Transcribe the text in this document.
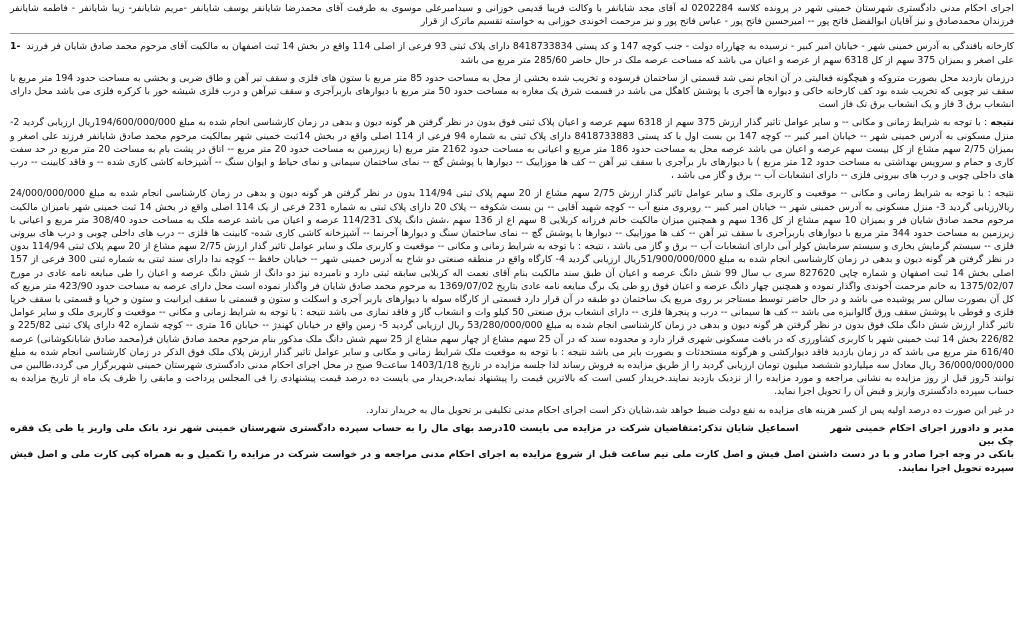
اجرای احکام مدنی دادگستری شهرستان خمینی شهر در پرونده کلاسه 0202284 له آقای مجد شایانفر با وکالت فریبا قدیمی خوزانی و سیدامیرعلی موسوی به طرفیت آقای محمدرضا شایانفر یوسف شایانفر -مریم شایانفر- زیبا شایانفر - فاطمه شایانفر فرزندان محمدصادق و نیز آقایان ابوالفضل فاتح پور -- امیرحسین فاتح پور - عباس فاتح پور و نیز مرحمت اخوندی خوزانی به خواسته تقسیم ماترک از قرار
-1 کارخانه بافندگی به آدرس خمینی شهر - خیابان امیر کبیر - نرسیده به چهارراه دولت - جنب کوچه 147 و کد پستی 8418733834 دارای پلاک ثبتی 93 فرعی از اصلی 114 واقع در بخش 14 ثبت اصفهان به مالکیت آقای مرحوم محمد صادق شایان فر فرزند علی اصغر و بمیزان 375 سهم از کل 6318 سهم از عرصه و اعیان می باشد که مساحت عرصه ملک در حال حاضر 285/60 متر مربع می باشد
درزمان بازدید محل بصورت متروکه و هیچگونه فعالیتی در آن انجام نمی شد قسمتی از ساختمان فرسوده و تخریب شده بخشی از محل به مساحت حدود 85 متر مربع با ستون های فلزی و سقف تیر آهن و طاق ضربی و بخشی به مساحت حدود 194 متر مربع با سقف تیر چوبی که تخریب شده بود کف کارخانه خاکی و دیواره ها آجری با پوشش کاهگل می باشد در قسمت شرق یک مغازه به مساحت حدود 50 متر مربع با دیوارهای باربرآجری و سقف تیرآهن و درب فلزی شیشه خور با کرکره فلزی می باشد محل دارای انشعاب برق 3 فاز و یک انشعاب برق تک فاز است
نتیجه : با توجه به شرایط زمانی و مکانی -- و سایر عوامل تاثیر گذار ارزش 375 سهم از 6318 سهم عرصه و اعیان پلاک ثبتی فوق بدون در نظر گرفتن هر گونه دیون و بدهی در زمان کارشناسی انجام شده به مبلغ 194/600/000/000ریال ارزیابی گردید 2- منزل مسکونی به آدرس خمینی شهر -- خیابان امیر کبیر -- کوچه 147 بن بست اول با کد پستی 8418733883 دارای پلاک ثبتی به شماره 94 فرعی از 114 اصلی واقع در بخش 14ثبت خمینی شهر بمالکیت مرحوم محمد صادق شایانفر فرزند علی اصغر و بمیزان 2/75 سهم مشاع از کل بیست سهم عرصه و اعیان می باشد عرصه محل به مساحت حدود 186 متر مربع و اعیانی به مساحت حدود 2162 متر مربع (با زیرزمین به مساحت حدود 20 متر مربع -- اتاق در پشت بام به مساحت 20 متر مربع در حد سفت کاری و حمام و سرویس بهداشتی به مساحت حدود 12 متر مربع ) با دیوارهای بار برآجری با سقف تیر آهن -- کف ها موزاییک -- دیوارها با پوشش گچ -- نمای ساختمان سیمانی و نمای حیاط و ایوان سنگ -- آشپزخانه کاشی کاری شده -- و فاقد کابینت -- درب های داخلی چوبی و درب های بیرونی فلزی -- دارای انشعابات آب -- برق و گاز می باشد ،
نتیجه : با توجه به شرایط زمانی و مکانی -- موقعیت و کاربری ملک و سایر عوامل تاثیر گذار ارزش 2/75 سهم مشاع از 20 سهم پلاک ثبتی 114/94 بدون در نظر گرفتن هر گونه دیون و بدهی در زمان کارشناسی انجام شده به مبلغ 24/000/000/000 ریالارزیابی گردید 3- منزل مسکونی به آدرس خمینی شهر -- خیابان امیر کبیر -- روبروی منبع آب -- کوچه شهید آقایی -- بن بست شکوفه -- پلاک 20 دارای پلاک ثبتی به شماره 231 فرعی از یک 114 اصلی واقع در بخش 14 ثبت خمینی شهر بامیزان مالکیت مرحوم محمد صادق شایان فر و بمیزان 10 سهم مشاع از کل 136 سهم و همچنین میزان مالکیت خانم فرزانه کربلایی 8 سهم اع از 136 سهم ،شش دانگ پلاک 114/231 عرصه و اعیان می باشد عرصه ملک به مساحت حدود 308/40 متر مربع و اعیانی با زیرزمین به مساحت حدود 344 متر مربع با دیوارهای باربرآجری با سقف تیر آهن -- کف ها موزاییک -- دیوارها با پوشش گچ -- نمای ساختمان سنگ و دیوارها آجرنما -- آشپزخانه کاشی کاری شده- کابینت ها فلزی -- درب های داخلی چوبی و درب های بیرونی فلزی -- سیستم گرمایش بخاری و سیستم سرمایش کولر آبی دارای انشعابات آب -- برق و گاز می باشد ، نتیجه : با توجه به شرایط زمانی و مکانی -- موقعیت و کاربری ملک و سایر عوامل تاثیر گذار ارزش 2/75 سهم مشاع از 20 سهم پلاک ثبتی 114/94 بدون در نظر گرفتن هر گونه دیون و بدهی در زمان کارشناسی انجام شده به مبلغ 51/900/000/000ریال ارزیابی گردید 4- کارگاه واقع در منطقه صنعتی دو شاخ به آدرس خمینی شهر -- خیابان حافظ -- کوچه ندا دارای سند ثبتی به شماره ثبتی 300 فرعی از 157 اصلی بخش 14 ثبت اصفهان و شماره چاپی 827620 سری ب سال 99 شش دانگ عرصه و اعیان آن طبق سند مالکیت بنام آقای نعمت اله کربلایی سابقه ثبتی دارد و نامبرده نیز دو دانگ از شش دانگ عرصه و اعیان را طی مبایعه نامه عادی در مورخ 1375/02/07 به خانم مرحمت آخوندی واگذار نموده و همچنین چهار دانگ عرصه و اعیان فوق رو طی یک برگ مبایعه نامه عادی بتاریخ 1369/07/02 به مرحوم محمد صادق شایان فر واگذار نموده است محل دارای عرصه به مساحت حدود 423/90 متر مربع که کل آن بصورت سالن سر پوشیده می باشد و در حال حاضر توسط مستاجر بر روی مربع یک ساختمان دو طبقه در آن قرار دارد قسمتی از کارگاه سوله با دیوارهای باربر آجری و اسکلت و ستون و قسمتی با سقف ایرانیت و ستون و خرپا و قسمتی با سقف خرپا فلزی و قوطی با پوشش سقف ورق گالوانیزه می باشد -- کف ها سیمانی -- درب و پنجرها فلزی -- دارای انشعاب برق صنعتی 50 کیلو وات و انشعاب گاز و فاقد نمازی می باشد نتیجه : با توجه به شرایط زمانی و مکانی -- موقعیت و کاربری ملک و سایر عوامل تاثیر گذار ارزش شش دانگ ملک فوق بدون در نظر گرفتن هر گونه دیون و بدهی در زمان کارشناسی انجام شده به مبلغ 53/280/000/000 ریال ارزیابی گردید 5- زمین واقع در خیابان کهندژ -- خیابان 16 متری -- کوچه شماره 42 دارای پلاک ثبتی 225/82 و 226/82 بخش 14 ثبت خمینی شهر با کاربری کشاورزی که در بافت مسکونی شهری قرار دارد و محدوده سند که در آن 25 سهم مشاع از چهار سهم مشاع از 25 سهم شش دانگ ملک مذکور بنام مرحوم محمد صادق شایان فر(محمد صادق شابانکوشانی) عرصه 616/40 متر مربع می باشد که در زمان بازدید فاقد دیوارکشی و هرگونه مستحدثات و بصورت بایر می باشد نتیجه : با توجه به موقعیت ملک شرایط زمانی و مکانی و سایر عوامل تاثیر گذار ارزش پلاک ملک فوق الذکر در زمان کارشناسی انجام شده به مبلغ 36/000/000/000 ریال معادل سه میلیاردو ششصد میلیون تومان ارزیابی گردید را از طریق مزایده به فروش رساند لذا جلسه مزایده در تاریخ 1403/1/18 ساعت9 صبح در محل اجرای احکام مدنی دادگستری شهرستان خمینی شهربرگزار می گردد،طالبین می توانند 5روز قبل از روز مزایده به نشانی مراجعه و مورد مزایده را از نزدیک بازدید نمایند.خریدار کسی است که بالاترین قیمت را پیشنهاد نماید،خریدار می بایست ده درصد قیمت پیشنهادی را فی المجلس پرداخت و مابقی را ظرف یک ماه از تاریخ مزایده به حساب سپرده دادگستری واریز و قبض آن را تحویل اجرا نماید.
در غیر این صورت ده درصد اولیه پس از کسر هزینه های مزایده به نفع دولت ضبط خواهد شد،شایان ذکر است اجرای احکام مدنی تکلیفی بر تحویل مال به خریدار ندارد.
مدیر و دادورز اجرای احکام خمینی شهر  اسماعیل شایان تذکر:متقاضیان شرکت در مزایده می بایست 10درصد بهای مال را به حساب سپرده دادگستری شهرستان خمینی شهر نزد بانک ملی واریز یا طی یک فقره چک بین
بانکی در وجه اجرا صادر و با در دست داشتن اصل فیش و اصل کارت ملی نیم ساعت قبل از شروع مزایده به اجرای احکام مدنی مراجعه و در خواست شرکت در مزایده را تکمیل و به همراه کپی کارت ملی و اصل فیش سپرده تحویل اجرا نمایند.
